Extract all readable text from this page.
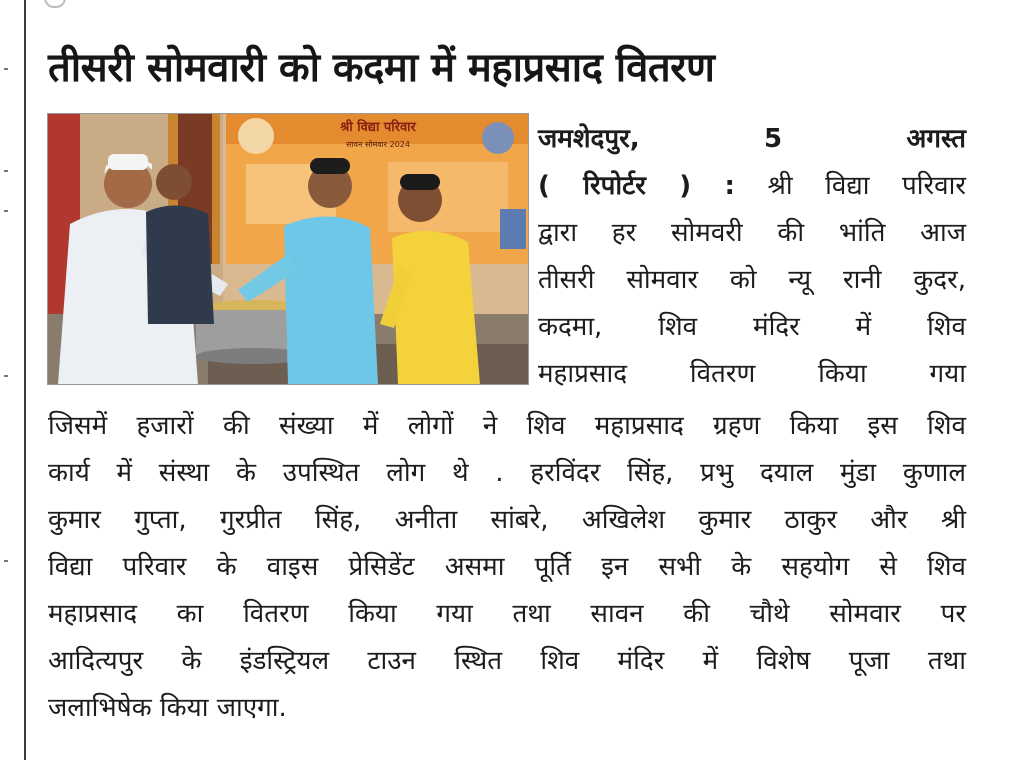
तीसरी सोमवारी को कदमा में महाप्रसाद वितरण
श्री विद्या परिवार
सावन सोमवार 2024	जमशेदपुर,	5	अगस्त
( रिपोर्टर ) : श्री विद्या परिवार
द्वारा हर सोमवरी की भांति आज
तीसरी सोमवार को न्यू रानी कुदर,
कदमा, शिव मंदिर में शिव
महाप्रसाद वितरण किया गया
जिसमें हजारों की संख्या में लोगों ने शिव महाप्रसाद ग्रहण किया इस शिव
कार्य में संस्था के उपस्थित लोग थे . हरविंदर सिंह, प्रभु दयाल मुंडा कुणाल
कुमार गुप्ता, गुरप्रीत सिंह, अनीता सांबरे, अखिलेश कुमार ठाकुर और श्री
विद्या परिवार के वाइस प्रेसिडेंट असमा पूर्ति इन सभी के सहयोग से शिव
महाप्रसाद का वितरण किया गया तथा सावन की चौथे सोमवार पर
आदित्यपुर के इंडस्ट्रियल टाउन स्थित शिव मंदिर में विशेष पूजा तथा
जलाभिषेक किया जाएगा.
